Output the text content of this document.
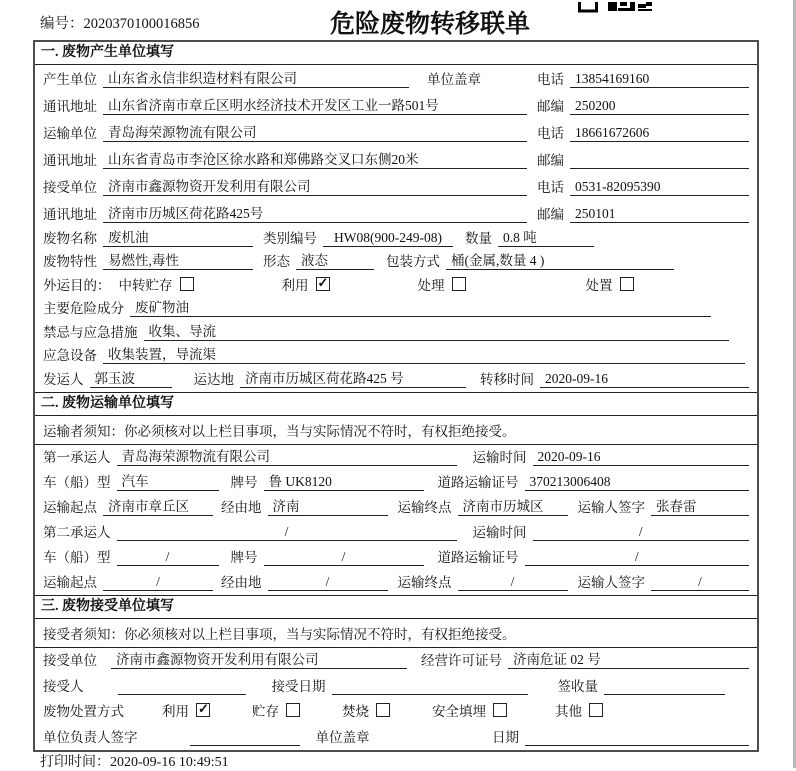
编号：2020370100016856	危险废物转移联单
一. 废物产生单位填写
产生单位 山东省永信非织造材料有限公司	单位盖章	电话 13854169160
通讯地址 山东省济南市章丘区明水经济技术开发区工业一路501号	邮编 250200
运输单位 青岛海荣源物流有限公司	电话 18661672606
通讯地址 山东省青岛市李沧区徐水路和郑佛路交叉口东侧20米	邮编
接受单位 济南市鑫源物资开发利用有限公司	电话 0531-82095390
通讯地址 济南市历城区荷花路425号	邮编 250101
废物名称 废机油	类别编号	HW08(900-249-08)	数量 0.8 吨
废物特性 易燃性,毒性	形态 液态	包装方式 桶(金属,数量 4 )
外运目的： 中转贮存	利用 ✓	处理	处置
主要危险成分 废矿物油
禁忌与应急措施 收集、导流
应急设备 收集装置，导流渠
发运人 郭玉波	运达地 济南市历城区荷花路425 号	转移时间 2020-09-16
二. 废物运输单位填写
运输者须知： 你必须核对以上栏目事项，当与实际情况不符时，有权拒绝接受。
第一承运人 青岛海荣源物流有限公司	运输时间 2020-09-16
车（船）型 汽车	牌号 鲁 UK8120	道路运输证号 370213006408
运输起点 济南市章丘区	经由地 济南	运输终点 济南市历城区	运输人签字 张春雷
第二承运人	/	运输时间	/
车（船）型	/	牌号	/	道路运输证号	/
运输起点	/	经由地	/	运输终点	/	运输人签字	/
三. 废物接受单位填写
接受者须知： 你必须核对以上栏目事项，当与实际情况不符时，有权拒绝接受。
接受单位	济南市鑫源物资开发利用有限公司	经营许可证号 济南危证 02 号
接受人	接受日期	签收量
废物处置方式	利用 ✓	贮存	焚烧	安全填埋	其他
单位负责人签字	单位盖章	日期
打印时间：2020-09-16 10:49:51
